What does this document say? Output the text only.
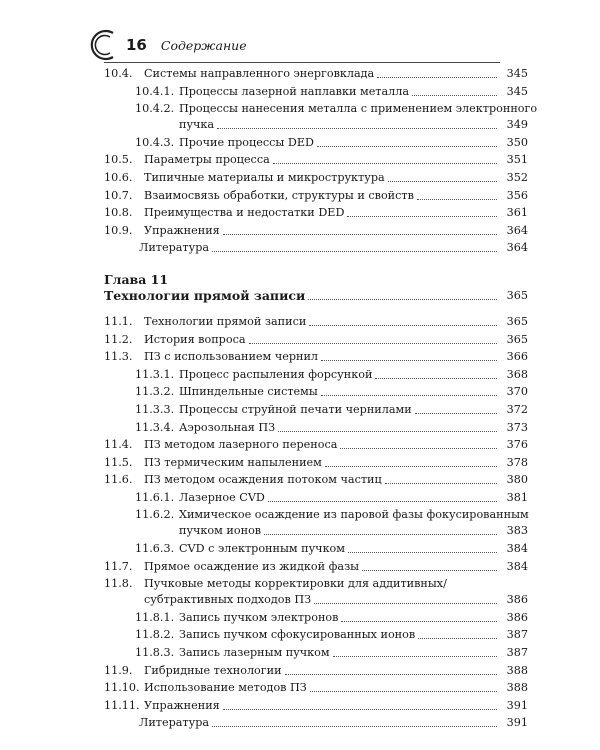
16 Содержание
10.4. Системы направленного энерговклада	345
10.4.1. Процессы лазерной наплавки металла	345
10.4.2. Процессы нанесения металла с применением электронного
пучка	349
10.4.3. Прочие процессы DED	350
10.5. Параметры процесса	351
10.6. Типичные материалы и микроструктура	352
10.7. Взаимосвязь обработки, структуры и свойств	356
10.8. Преимущества и недостатки DED	361
10.9. Упражнения	364
Литература	364
Глава 11
Технологии прямой записи	365
11.1. Технологии прямой записи	365
11.2. История вопроса	365
11.3. ПЗ с использованием чернил	366
11.3.1. Процесс распыления форсункой	368
11.3.2. Шпиндельные системы	370
11.3.3. Процессы струйной печати чернилами	372
11.3.4. Аэрозольная ПЗ	373
11.4. ПЗ методом лазерного переноса	376
11.5. ПЗ термическим напылением	378
11.6. ПЗ методом осаждения потоком частиц	380
11.6.1. Лазерное CVD	381
11.6.2. Химическое осаждение из паровой фазы фокусированным
пучком ионов	383
11.6.3. CVD с электронным пучком	384
11.7. Прямое осаждение из жидкой фазы	384
11.8. Пучковые методы корректировки для аддитивных/
субтрактивных подходов ПЗ	386
11.8.1. Запись пучком электронов	386
11.8.2. Запись пучком сфокусированных ионов	387
11.8.3. Запись лазерным пучком	387
11.9. Гибридные технологии	388
11.10. Использование методов ПЗ	388
11.11. Упражнения	391
Литература	391
